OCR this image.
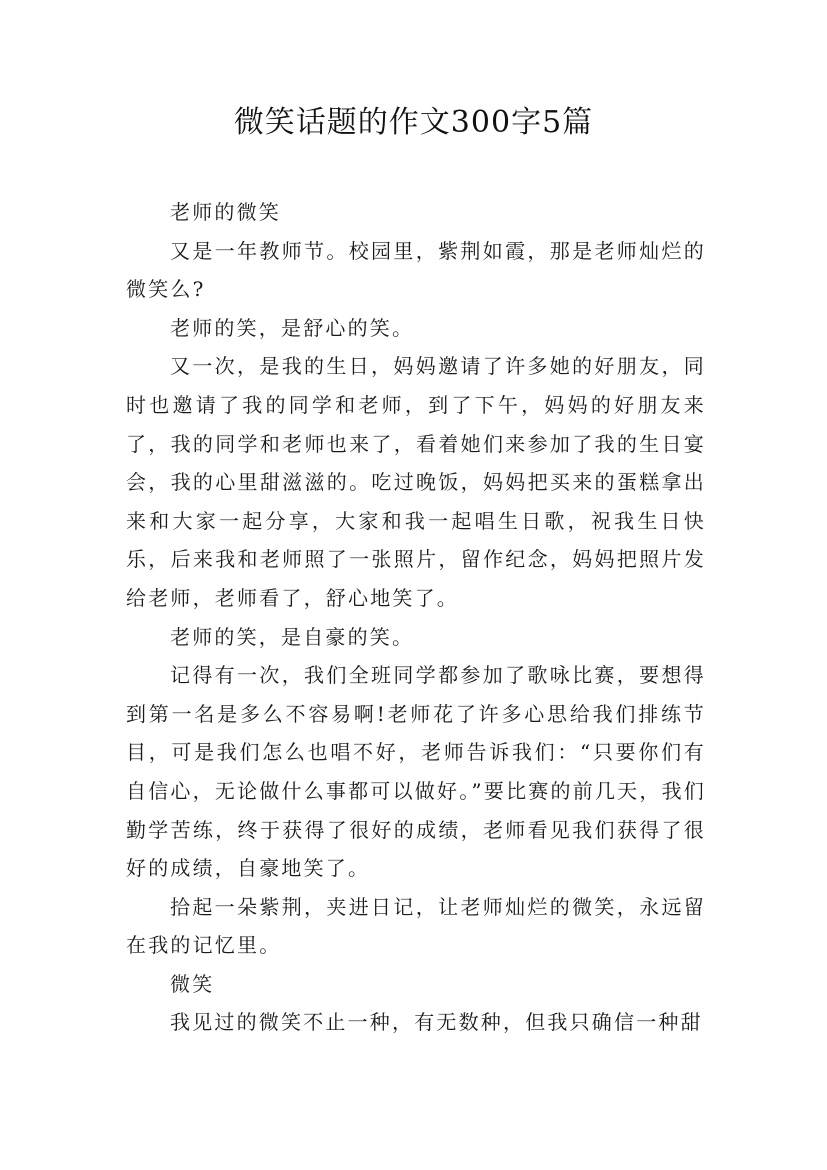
微笑话题的作文300字5篇

老师的微笑

又是一年教师节。校园里，紫荆如霞，那是老师灿烂的微笑么?

老师的笑，是舒心的笑。

又一次，是我的生日，妈妈邀请了许多她的好朋友，同时也邀请了我的同学和老师，到了下午，妈妈的好朋友来了，我的同学和老师也来了，看着她们来参加了我的生日宴会，我的心里甜滋滋的。吃过晚饭，妈妈把买来的蛋糕拿出来和大家一起分享，大家和我一起唱生日歌，祝我生日快乐，后来我和老师照了一张照片，留作纪念，妈妈把照片发给老师，老师看了，舒心地笑了。

老师的笑，是自豪的笑。

记得有一次，我们全班同学都参加了歌咏比赛，要想得到第一名是多么不容易啊!老师花了许多心思给我们排练节目，可是我们怎么也唱不好，老师告诉我们：“只要你们有自信心，无论做什么事都可以做好。”要比赛的前几天，我们勤学苦练，终于获得了很好的成绩，老师看见我们获得了很好的成绩，自豪地笑了。

拾起一朵紫荆，夹进日记，让老师灿烂的微笑，永远留在我的记忆里。

微笑

我见过的微笑不止一种，有无数种，但我只确信一种甜
